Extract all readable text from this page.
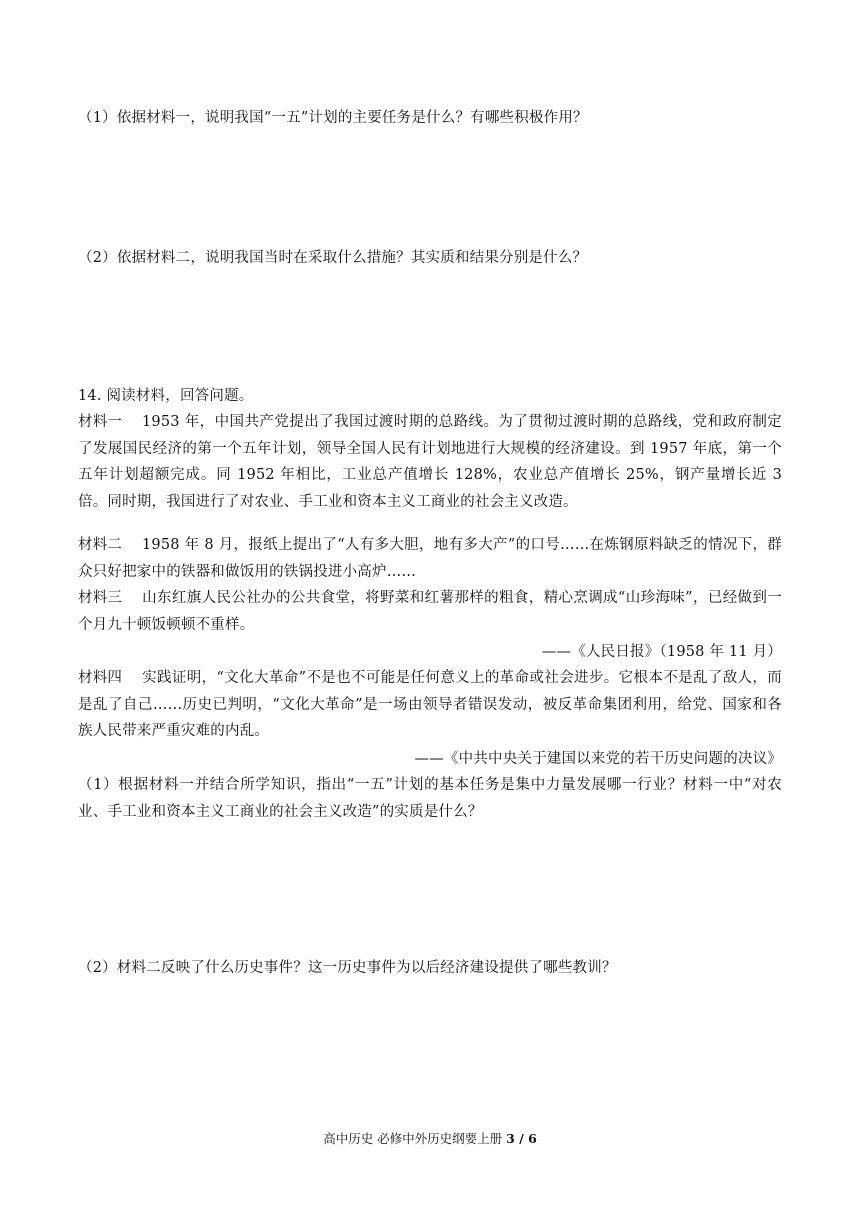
（1）依据材料一，说明我国“一五”计划的主要任务是什么？有哪些积极作用？
（2）依据材料二，说明我国当时在采取什么措施？其实质和结果分别是什么？
14. 阅读材料，回答问题。
材料一 1953 年，中国共产党提出了我国过渡时期的总路线。为了贯彻过渡时期的总路线，党和政府制定了发展国民经济的第一个五年计划，领导全国人民有计划地进行大规模的经济建设。到 1957 年底，第一个五年计划超额完成。同 1952 年相比，工业总产值增长 128%，农业总产值增长 25%，钢产量增长近 3 倍。同时期，我国进行了对农业、手工业和资本主义工商业的社会主义改造。
材料二 1958 年 8 月，报纸上提出了“人有多大胆，地有多大产”的口号……在炼钢原料缺乏的情况下，群众只好把家中的铁器和做饭用的铁锅投进小高炉……
材料三 山东红旗人民公社办的公共食堂，将野菜和红薯那样的粗食，精心烹调成“山珍海味”，已经做到一个月九十顿饭顿顿不重样。
——《人民日报》（1958 年 11 月）
材料四 实践证明，“文化大革命”不是也不可能是任何意义上的革命或社会进步。它根本不是乱了敌人，而是乱了自己……历史已判明，“文化大革命”是一场由领导者错误发动，被反革命集团利用，给党、国家和各族人民带来严重灾难的内乱。
——《中共中央关于建国以来党的若干历史问题的决议》
（1）根据材料一并结合所学知识，指出“一五”计划的基本任务是集中力量发展哪一行业？材料一中“对农业、手工业和资本主义工商业的社会主义改造”的实质是什么？
（2）材料二反映了什么历史事件？这一历史事件为以后经济建设提供了哪些教训？
高中历史 必修中外历史纲要上册 3 / 6
